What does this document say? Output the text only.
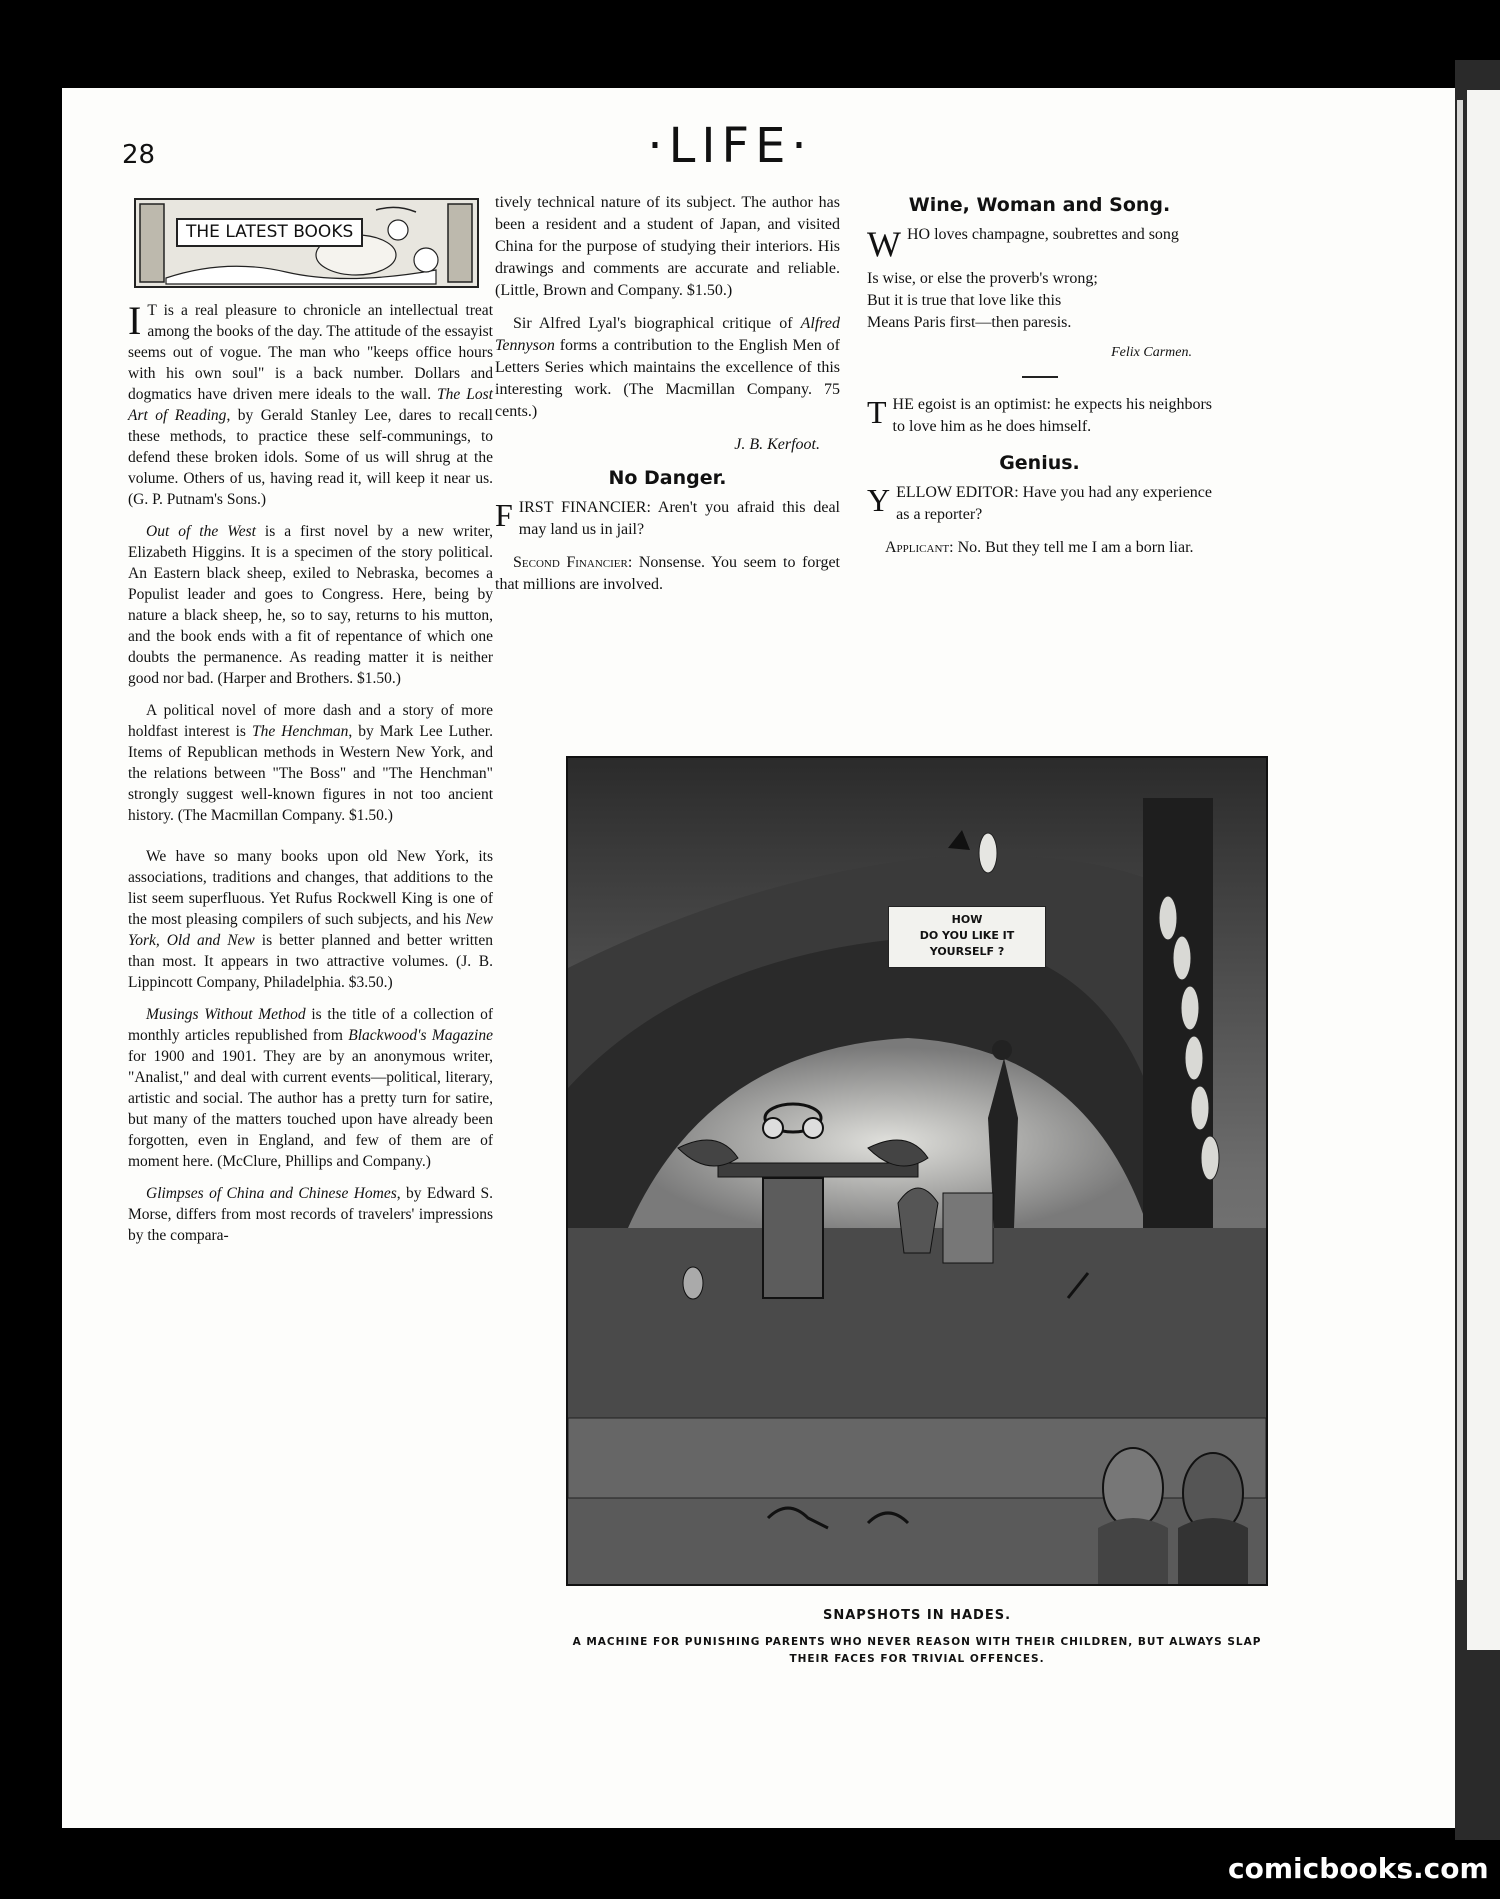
28	·LIFE·
THE LATEST BOOKS

I T is a real pleasure to chronicle an intellectual treat among the books of the day. The attitude of the essayist seems out of vogue. The man who "keeps office hours with his own soul" is a back number. Dollars and dogmatics have driven mere ideals to the wall. The Lost Art of Reading, by Gerald Stanley Lee, dares to recall these methods, to practice these self-communings, to defend these broken idols. Some of us will shrug at the volume. Others of us, having read it, will keep it near us. (G. P. Putnam's Sons.)

Out of the West is a first novel by a new writer, Elizabeth Higgins. It is a specimen of the story political. An Eastern black sheep, exiled to Nebraska, becomes a Populist leader and goes to Congress. Here, being by nature a black sheep, he, so to say, returns to his mutton, and the book ends with a fit of repentance of which one doubts the permanence. As reading matter it is neither good nor bad. (Harper and Brothers. $1.50.)

A political novel of more dash and a story of more holdfast interest is The Henchman, by Mark Lee Luther. Items of Republican methods in Western New York, and the relations between "The Boss" and "The Henchman" strongly suggest well-known figures in not too ancient history. (The Macmillan Company. $1.50.)

We have so many books upon old New York, its associations, traditions and changes, that additions to the list seem superfluous. Yet Rufus Rockwell King is one of the most pleasing compilers of such subjects, and his New York, Old and New is better planned and better written than most. It appears in two attractive volumes. (J. B. Lippincott Company, Philadelphia. $3.50.)

Musings Without Method is the title of a collection of monthly articles republished from Blackwood's Magazine for 1900 and 1901. They are by an anonymous writer, "Analist," and deal with current events—political, literary, artistic and social. The author has a pretty turn for satire, but many of the matters touched upon have already been forgotten, even in England, and few of them are of moment here. (McClure, Phillips and Company.)

Glimpses of China and Chinese Homes, by Edward S. Morse, differs from most records of travelers' impressions by the compara-

tively technical nature of its subject. The author has been a resident and a student of Japan, and visited China for the purpose of studying their interiors. His drawings and comments are accurate and reliable. (Little, Brown and Company. $1.50.)

Sir Alfred Lyal's biographical critique of Alfred Tennyson forms a contribution to the English Men of Letters Series which maintains the excellence of this interesting work. (The Macmillan Company. 75 cents.)

J. B. Kerfoot.

No Danger.

FIRST FINANCIER: Aren't you afraid this deal may land us in jail?

Second Financier: Nonsense. You seem to forget that millions are involved.

Wine, Woman and Song.
WHO loves champagne, soubrettes and song
Is wise, or else the proverb's wrong;
But it is true that love like this
Means Paris first—then paresis.

Felix Carmen.

THE egoist is an optimist: he expects his neighbors to love him as he does himself.

Genius.

YELLOW EDITOR: Have you had any experience as a reporter?

Applicant: No. But they tell me I am a born liar.

HOW
DO YOU LIKE IT
YOURSELF ?
SNAPSHOTS IN HADES.
A MACHINE FOR PUNISHING PARENTS WHO NEVER REASON WITH THEIR CHILDREN, BUT ALWAYS SLAP THEIR FACES FOR TRIVIAL OFFENCES.
comicbooks.com
